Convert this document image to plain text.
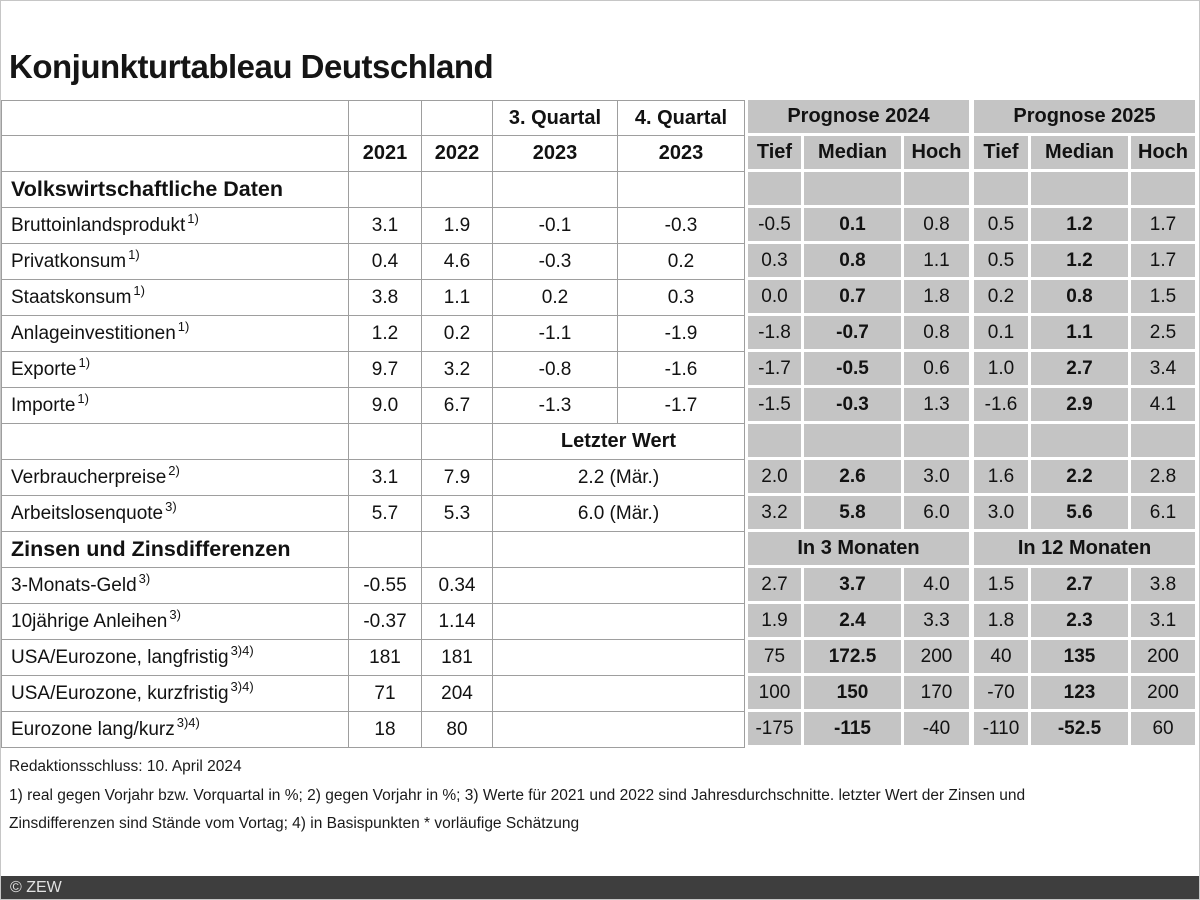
Konjunkturtableau Deutschland
			3. Quartal	4. Quartal	Prognose 2024			Prognose 2025		
	2021	2022	2023	2023	Tief	Median	Hoch	Tief	Median	Hoch
Volkswirtschaftliche Daten										
Bruttoinlandsprodukt $^{1)}$	3.1	1.9	-0.1	-0.3	-0.5	0.1	0.8	0.5	1.2	1.7
Privatkonsum $^{1)}$	0.4	4.6	-0.3	0.2	0.3	0.8	1.1	0.5	1.2	1.7
Staatskonsum $^{1)}$	3.8	1.1	0.2	0.3	0.0	0.7	1.8	0.2	0.8	1.5
Anlageinvestitionen $^{1)}$	1.2	0.2	-1.1	-1.9	-1.8	-0.7	0.8	0.1	1.1	2.5
Exporte $^{1)}$	9.7	3.2	-0.8	-1.6	-1.7	-0.5	0.6	1.0	2.7	3.4
Importe $^{1)}$	9.0	6.7	-1.3	-1.7	-1.5	-0.3	1.3	-1.6	2.9	4.1
			Letzter Wert							
Verbraucherpreise $^{2)}$	3.1	7.9	2.2 (Mär.)		2.0	2.6	3.0	1.6	2.2	2.8
Arbeitslosenquote $^{3)}$	5.7	5.3	6.0 (Mär.)		3.2	5.8	6.0	3.0	5.6	6.1
Zinsen und Zinsdifferenzen					In 3 Monaten			In 12 Monaten		
3-Monats-Geld $^{3)}$	-0.55	0.34			2.7	3.7	4.0	1.5	2.7	3.8
10jährige Anleihen $^{3)}$	-0.37	1.14			1.9	2.4	3.3	1.8	2.3	3.1
USA/Eurozone, langfristig $^{3)4)}$	181	181			75	172.5	200	40	135	200
USA/Eurozone, kurzfristig $^{3)4)}$	71	204			100	150	170	-70	123	200
Eurozone lang/kurz $^{3)4)}$	18	80			-175	-115	-40	-110	-52.5	60
Redaktionsschluss: 10. April 2024
1) real gegen Vorjahr bzw. Vorquartal in %; 2) gegen Vorjahr in %; 3) Werte für 2021 und 2022 sind Jahresdurchschnitte. letzter Wert der Zinsen und
Zinsdifferenzen sind Stände vom Vortag; 4) in Basispunkten * vorläufige Schätzung
© ZEW
